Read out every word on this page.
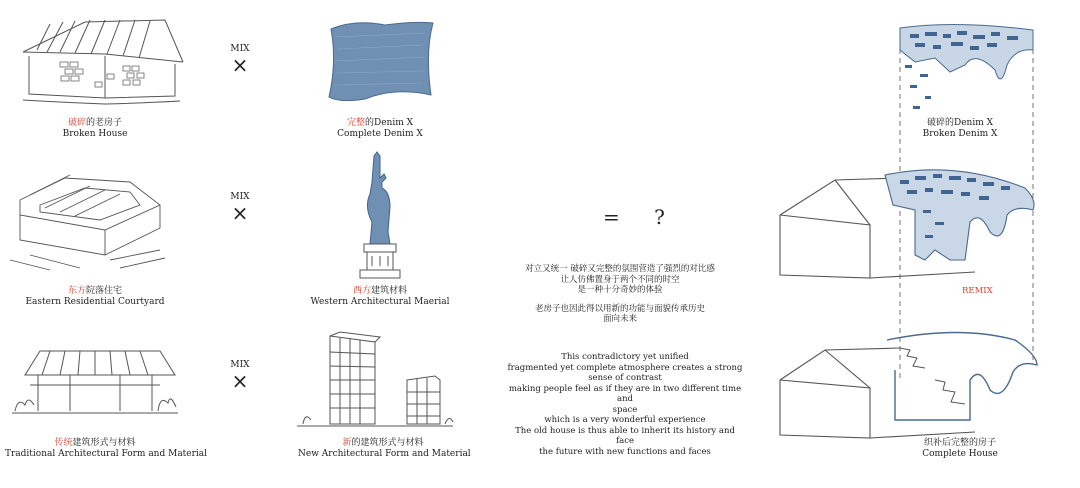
破碎的老房子
Broken House
MIX
×
完整的Denim X
Complete Denim X
破碎的Denim X
Broken Denim X
东方院落住宅
Eastern Residential Courtyard
MIX
×
西方建筑材料
Western Architectural Maerial
= ?
对立又统一 破碎又完整的氛围营造了强烈的对比感
让人仿佛置身于两个不同的时空
是一种十分奇妙的体验
老房子也因此得以用新的功能与面貌传承历史
面向未来
REMIX
传统建筑形式与材料
Traditional Architectural Form and Material
MIX
×
新的建筑形式与材料
New Architectural Form and Material
This contradictory yet unified
fragmented yet complete atmosphere creates a strong
sense of contrast
making people feel as if they are in two different time and
space
which is a very wonderful experience
The old house is thus able to inherit its history and face
the future with new functions and faces
织补后完整的房子
Complete House
